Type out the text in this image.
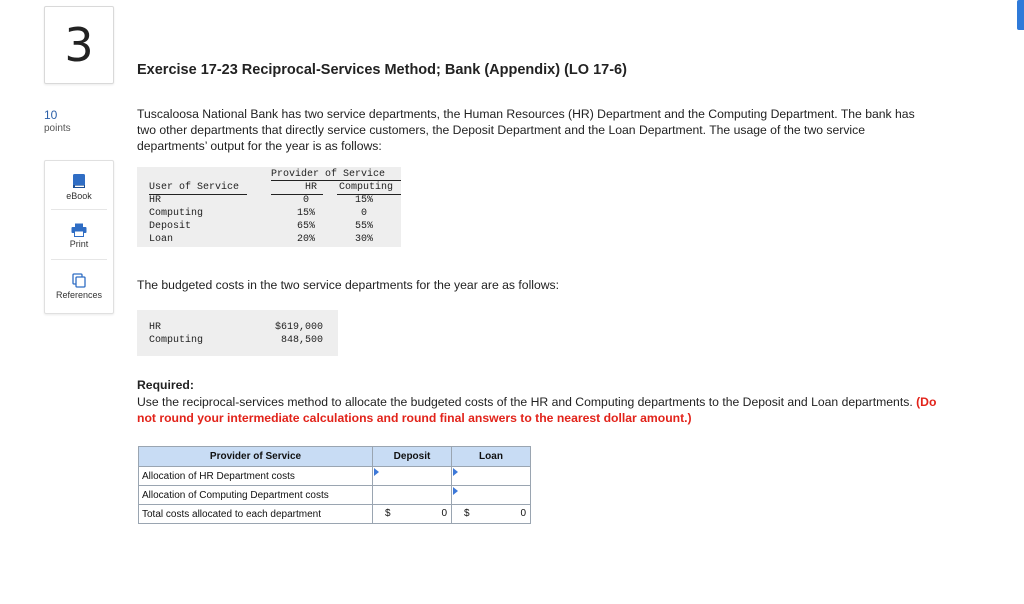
3
10
points
eBook
Print
References
Exercise 17-23 Reciprocal-Services Method; Bank (Appendix) (LO 17-6)
Tuscaloosa National Bank has two service departments, the Human Resources (HR) Department and the Computing Department. The bank has two other departments that directly service customers, the Deposit Department and the Loan Department. The usage of the two service departments’ output for the year is as follows:
Provider of Service
User of Service	HR Computing
HR	0	15%
Computing	15%	0
Deposit	65%	55%
Loan	20%	30%
The budgeted costs in the two service departments for the year are as follows:
HR	$619,000
Computing	848,500
Required:
Use the reciprocal-services method to allocate the budgeted costs of the HR and Computing departments to the Deposit and Loan departments. (Do not round your intermediate calculations and round final answers to the nearest dollar amount.)
Provider of Service	Deposit	Loan
Allocation of HR Department costs	

Allocation of Computing Department costs		

Total costs allocated to each department	$ 0	$ 0
